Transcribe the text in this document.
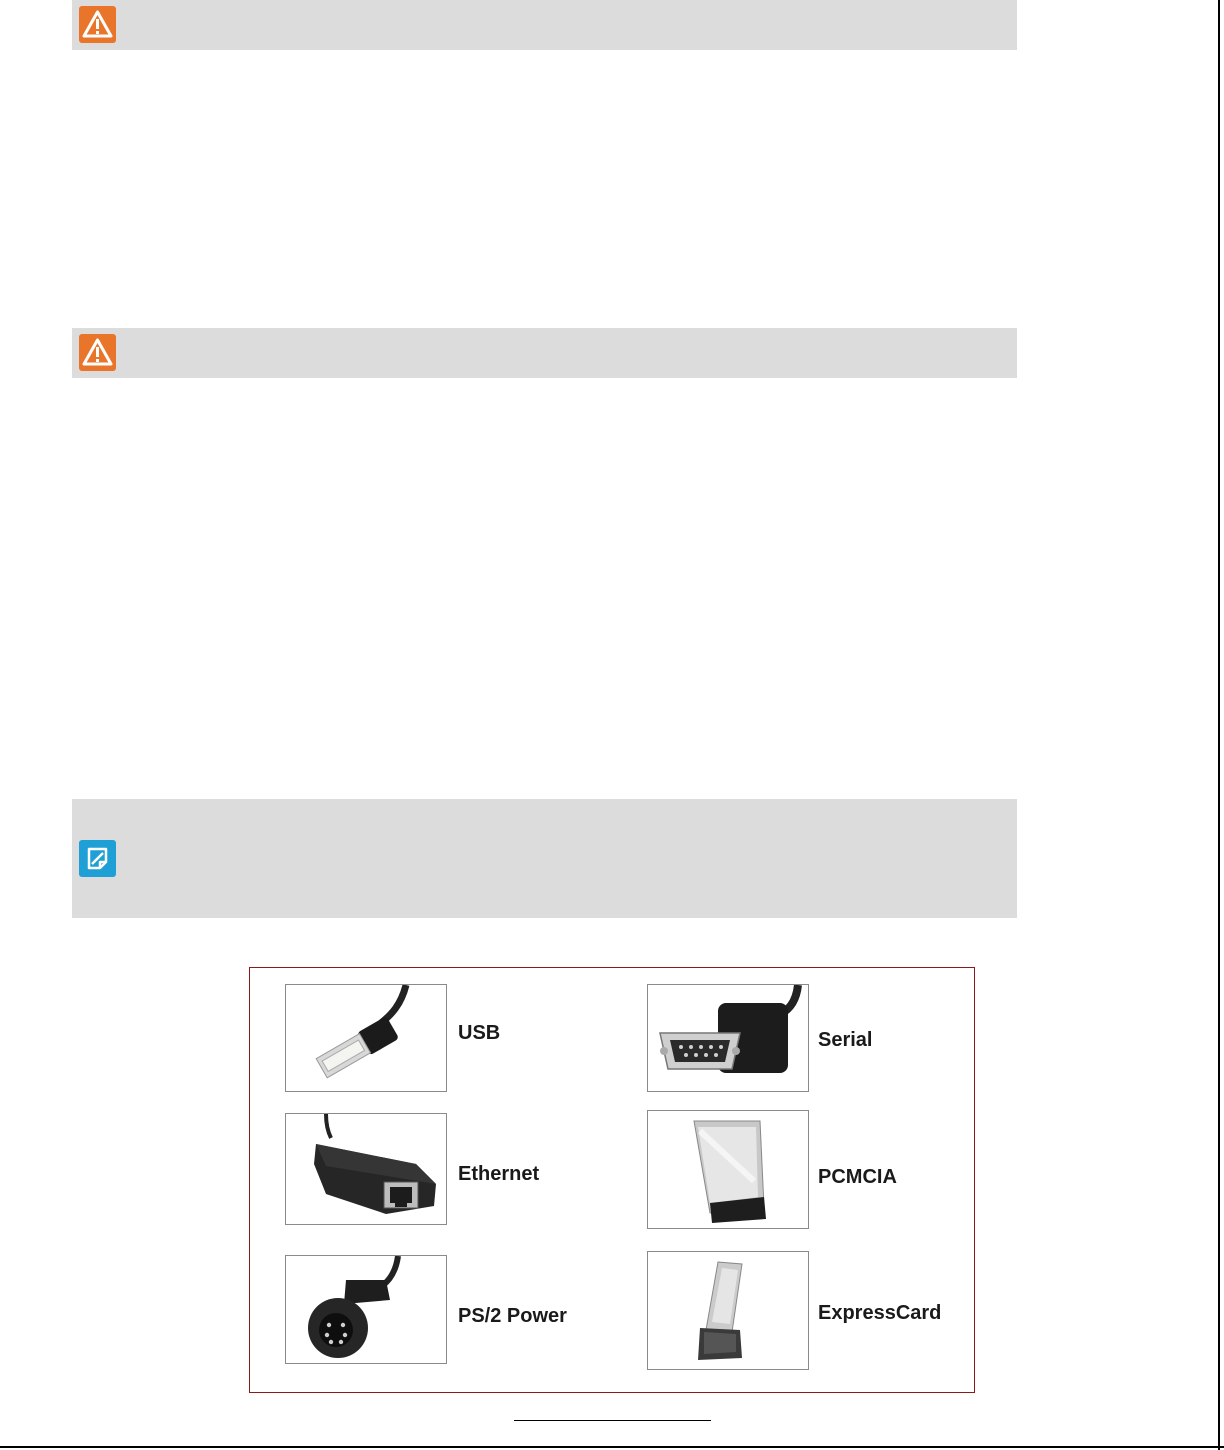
USB	Serial
Ethernet	PCMCIA
PS/2 Power	ExpressCard
